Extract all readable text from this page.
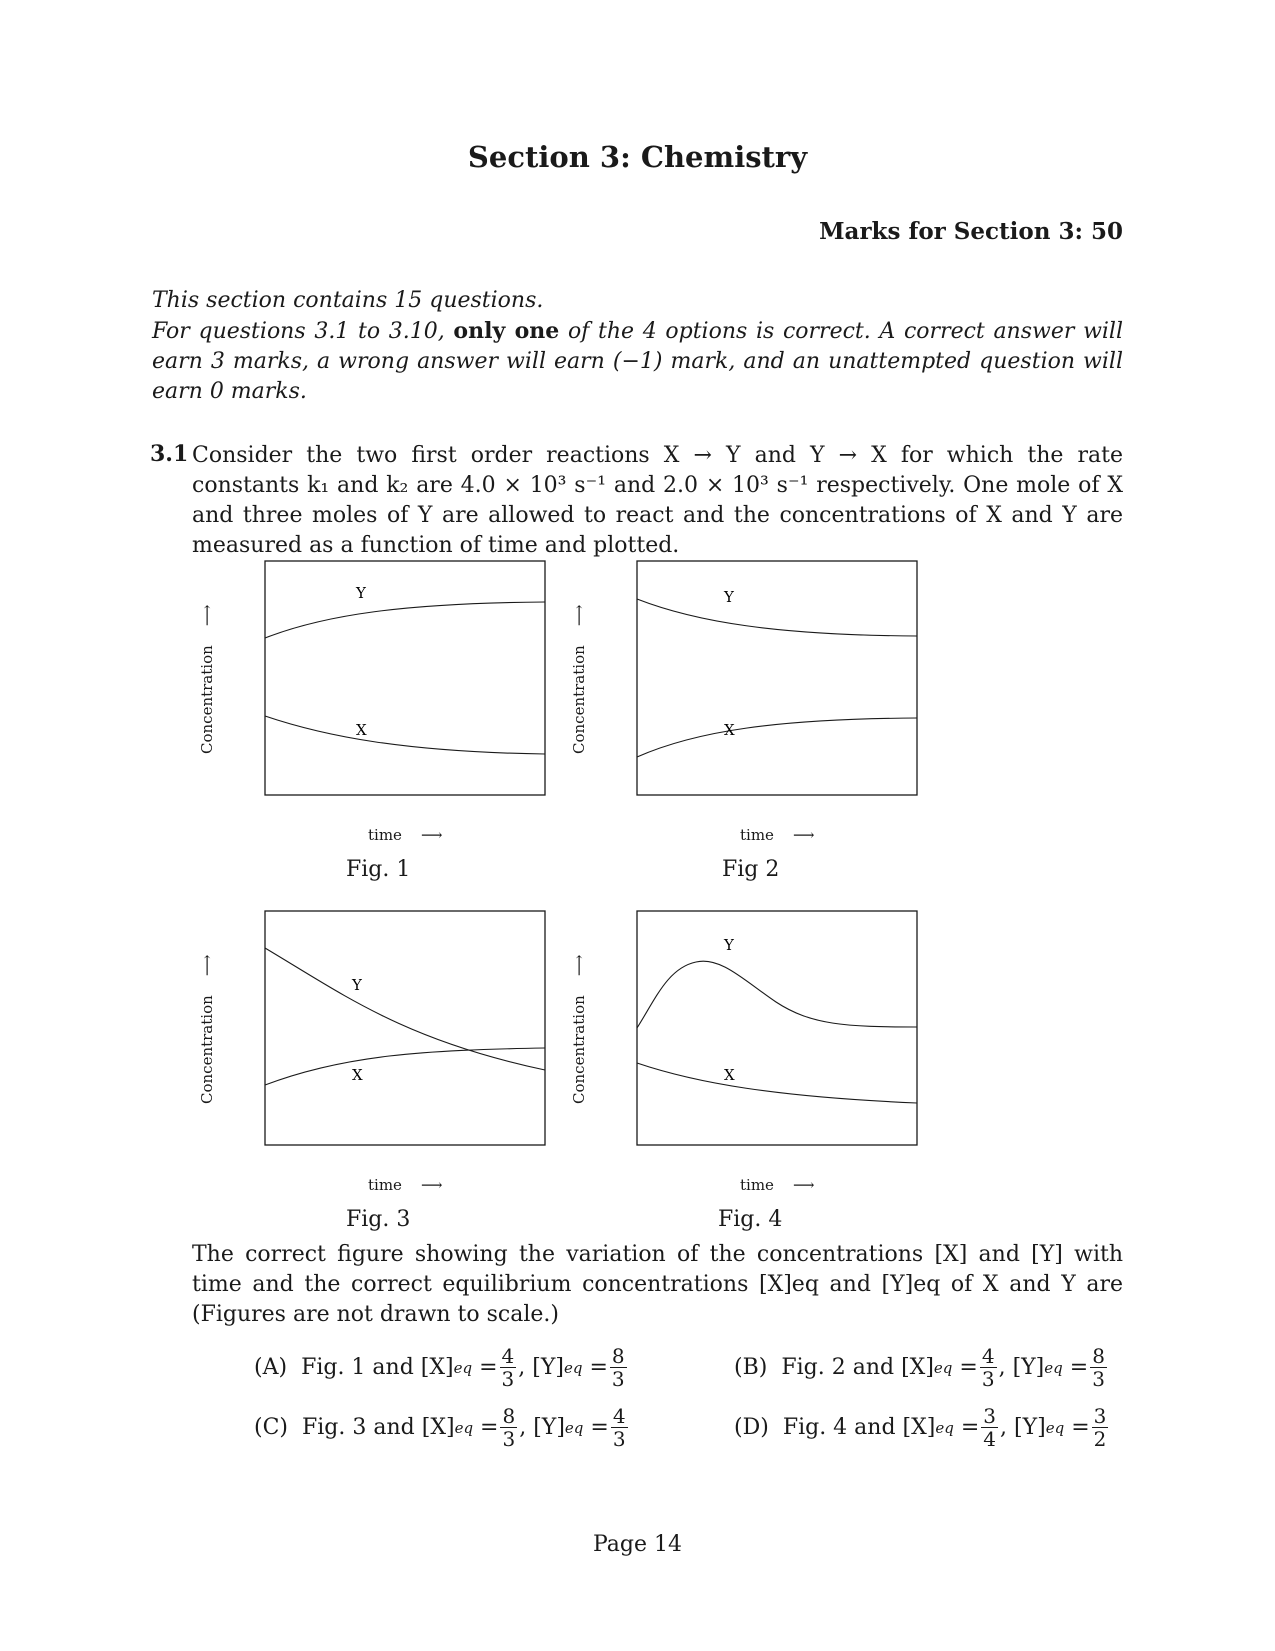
Section 3: Chemistry
Marks for Section 3: 50
This section contains 15 questions.
For questions 3.1 to 3.10, only one of the 4 options is correct. A correct answer will earn 3 marks, a wrong answer will earn (−1) mark, and an unattempted question will earn 0 marks.
3.1 Consider the two first order reactions X → Y and Y → X for which the rate constants k₁ and k₂ are 4.0 × 10³ s⁻¹ and 2.0 × 10³ s⁻¹ respectively. One mole of X and three moles of Y are allowed to react and the concentrations of X and Y are measured as a function of time and plotted.
Concentration    ⟶
Y
X
time ⟶
Fig. 1
Concentration    ⟶
Y
X
time ⟶
Fig 2
Concentration    ⟶
Y
X
time ⟶
Fig. 3
Concentration    ⟶
Y
X
time ⟶
Fig. 4
The correct figure showing the variation of the concentrations [X] and [Y] with time and the correct equilibrium concentrations [X]eq and [Y]eq of X and Y are (Figures are not drawn to scale.)
(A)
Fig. 1 and
[X] eq
= $\frac{4}{3}$ ,
[Y] eq
= $\frac{8}{3}$	(B)
Fig. 2 and
[X] eq
= $\frac{4}{3}$ ,
[Y] eq
= $\frac{8}{3}$
(C)
Fig. 3 and
[X] eq
= $\frac{8}{3}$ ,
[Y] eq
= $\frac{4}{3}$	(D)
Fig. 4 and
[X] eq
= $\frac{3}{4}$ ,
[Y] eq
= $\frac{3}{2}$
Page 14
